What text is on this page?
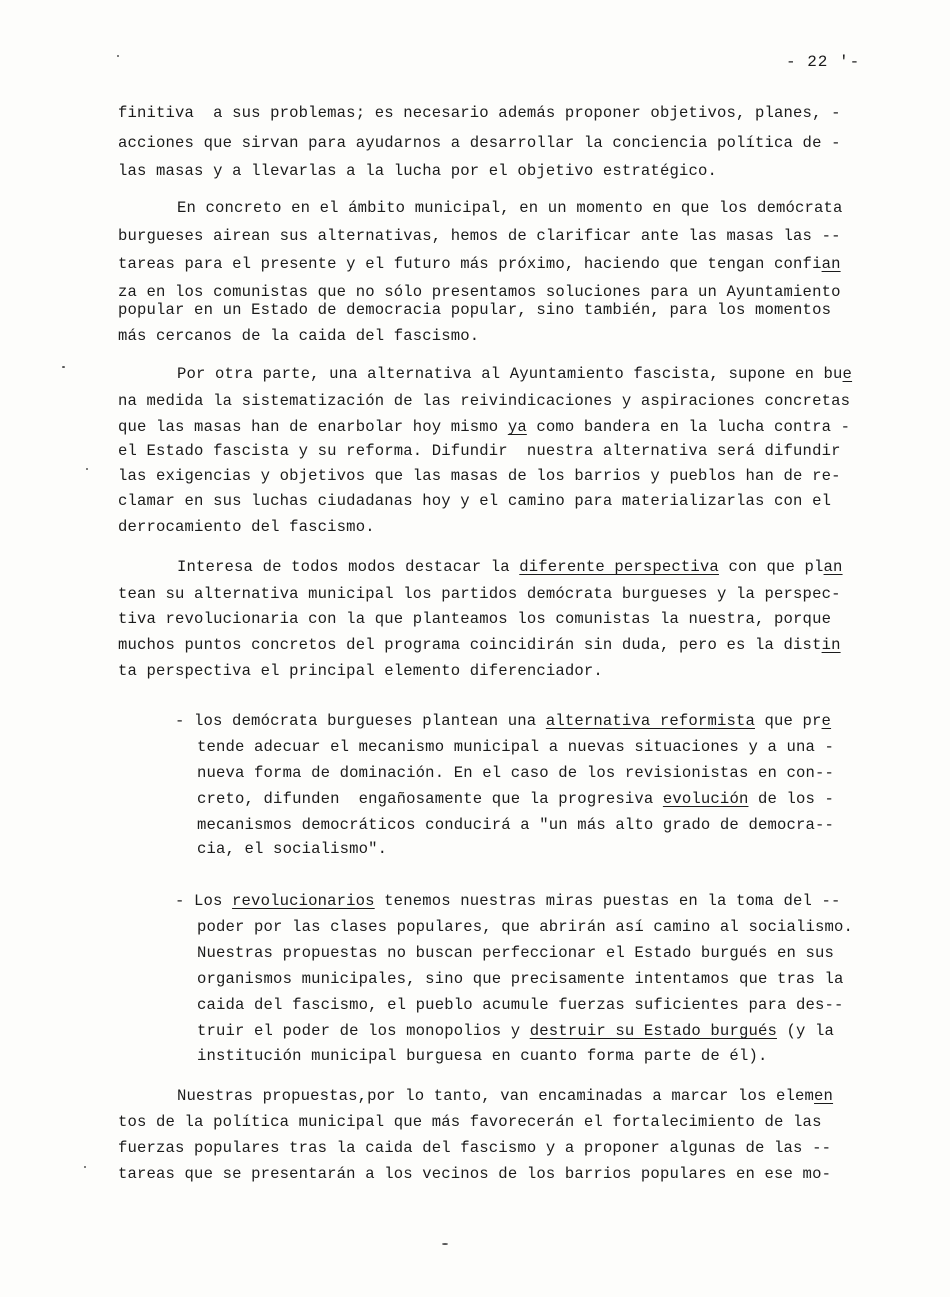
- 22 '-
finitiva  a sus problemas; es necesario además proponer objetivos, planes, -
acciones que sirvan para ayudarnos a desarrollar la conciencia política de -
las masas y a llevarlas a la lucha por el objetivo estratégico.
En concreto en el ámbito municipal, en un momento en que los demócrata
burgueses airean sus alternativas, hemos de clarificar ante las masas las --
tareas para el presente y el futuro más próximo, haciendo que tengan confian
za en los comunistas que no sólo presentamos soluciones para un Ayuntamiento
popular en un Estado de democracia popular, sino también, para los momentos
más cercanos de la caida del fascismo.
Por otra parte, una alternativa al Ayuntamiento fascista, supone en bue
na medida la sistematización de las reivindicaciones y aspiraciones concretas
que las masas han de enarbolar hoy mismo ya como bandera en la lucha contra -
el Estado fascista y su reforma. Difundir  nuestra alternativa será difundir
las exigencias y objetivos que las masas de los barrios y pueblos han de re-
clamar en sus luchas ciudadanas hoy y el camino para materializarlas con el
derrocamiento del fascismo.
Interesa de todos modos destacar la diferente perspectiva con que plan
tean su alternativa municipal los partidos demócrata burgueses y la perspec-
tiva revolucionaria con la que planteamos los comunistas la nuestra, porque
muchos puntos concretos del programa coincidirán sin duda, pero es la distin
ta perspectiva el principal elemento diferenciador.
- los demócrata burgueses plantean una alternativa reformista que pre
tende adecuar el mecanismo municipal a nuevas situaciones y a una -
nueva forma de dominación. En el caso de los revisionistas en con--
creto, difunden  engañosamente que la progresiva evolución de los -
mecanismos democráticos conducirá a "un más alto grado de democra--
cia, el socialismo".
- Los revolucionarios tenemos nuestras miras puestas en la toma del --
poder por las clases populares, que abrirán así camino al socialismo.
Nuestras propuestas no buscan perfeccionar el Estado burgués en sus
organismos municipales, sino que precisamente intentamos que tras la
caida del fascismo, el pueblo acumule fuerzas suficientes para des--
truir el poder de los monopolios y destruir su Estado burgués (y la
institución municipal burguesa en cuanto forma parte de él).
Nuestras propuestas,por lo tanto, van encaminadas a marcar los elemen
tos de la política municipal que más favorecerán el fortalecimiento de las
fuerzas populares tras la caida del fascismo y a proponer algunas de las --
tareas que se presentarán a los vecinos de los barrios populares en ese mo-
